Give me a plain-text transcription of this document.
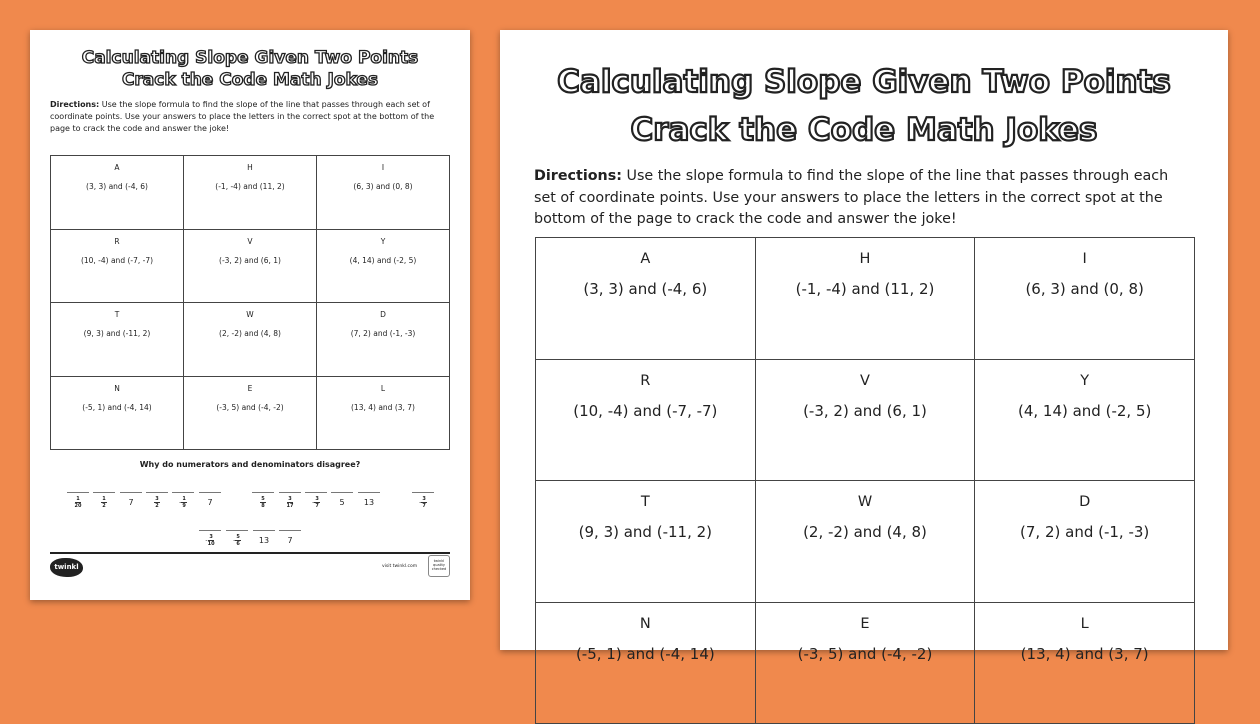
Calculating Slope Given Two Points
Crack the Code Math Jokes
Directions: Use the slope formula to find the slope of the line that passes through each set of coordinate points. Use your answers to place the letters in the correct spot at the bottom of the page to crack the code and answer the joke!
A
(3, 3) and (-4, 6)
H
(-1, -4) and (11, 2)
I
(6, 3) and (0, 8)
R
(10, -4) and (-7, -7)
V
(-3, 2) and (6, 1)
Y
(4, 14) and (-2, 5)
T
(9, 3) and (-11, 2)
W
(2, -2) and (4, 8)
D
(7, 2) and (-1, -3)
N
(-5, 1) and (-4, 14)
E
(-3, 5) and (-4, -2)
L
(13, 4) and (3, 7)
Why do numerators and denominators disagree?
$\frac{1}{20}$	$\frac{1}{2}$	7	$\frac{3}{2}$	- $\frac{1}{9}$	7	$\frac{5}{8}$	$\frac{3}{17}$	- $\frac{3}{7}$	5	13	- $\frac{3}{7}$
- $\frac{3}{10}$	- $\frac{5}{6}$	13	7
twinkl	visit twinkl.com
twinkl quality checked
Calculating Slope Given Two Points
Crack the Code Math Jokes
Directions: Use the slope formula to find the slope of the line that passes through each set of coordinate points. Use your answers to place the letters in the correct spot at the bottom of the page to crack the code and answer the joke!
A
(3, 3) and (-4, 6)
H
(-1, -4) and (11, 2)
I
(6, 3) and (0, 8)
R
(10, -4) and (-7, -7)
V
(-3, 2) and (6, 1)
Y
(4, 14) and (-2, 5)
T
(9, 3) and (-11, 2)
W
(2, -2) and (4, 8)
D
(7, 2) and (-1, -3)
N
(-5, 1) and (-4, 14)
E
(-3, 5) and (-4, -2)
L
(13, 4) and (3, 7)
